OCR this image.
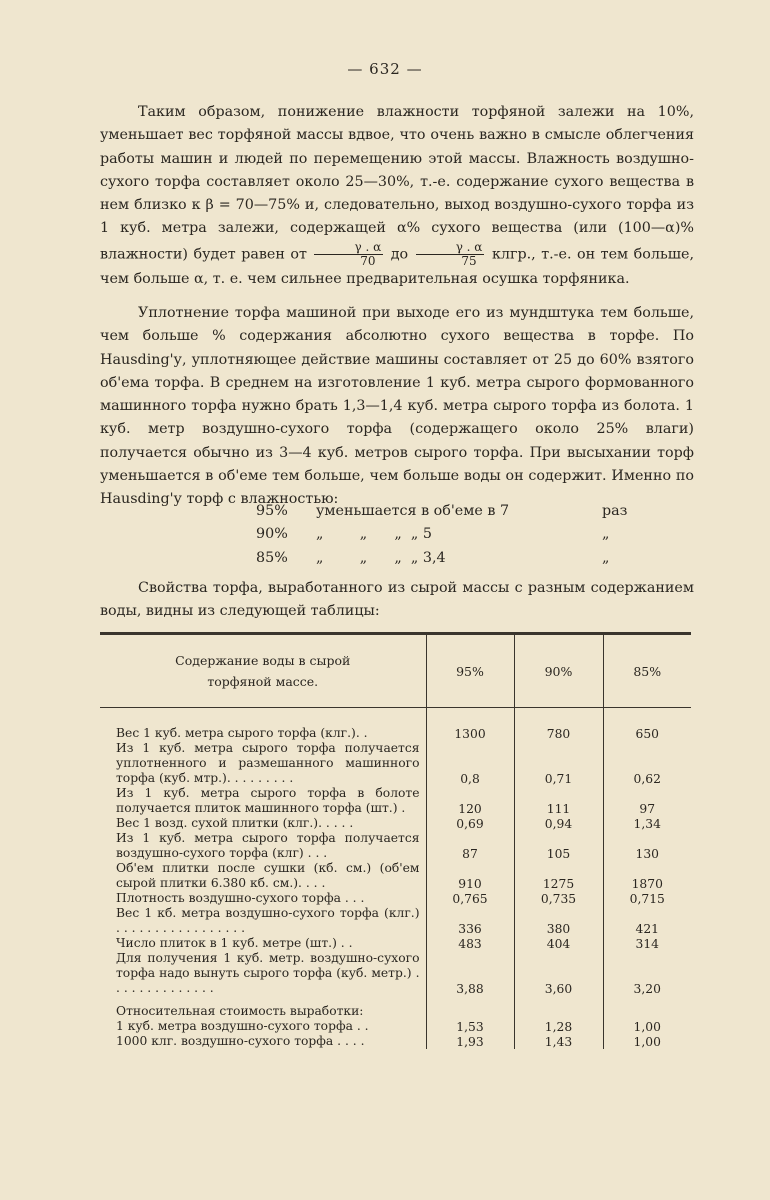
— 632 —
Таким образом, понижение влажности торфяной залежи на 10%, уменьшает вес торфяной массы вдвое, что очень важно в смысле облегчения работы машин и людей по перемещению этой массы. Влажность воздушно-сухого торфа составляет около 25—30%, т.-е. содержание сухого вещества в нем близко к β = 70—75% и, следовательно, выход воздушно-сухого торфа из 1 куб. метра залежи, содержащей α% сухого вещества (или (100—α)% влажности) будет равен от $\frac{\gamma . \alpha}{70}$ до $\frac{\gamma . \alpha}{75}$ клгр., т.-е. он тем больше, чем больше α, т. е. чем сильнее предварительная осушка торфяника.
Уплотнение торфа машиной при выходе его из мундштука тем больше, чем больше % содержания абсолютно сухого вещества в торфе. По Hausding'у, уплотняющее действие машины составляет от 25 до 60% взятого об'ема торфа. В среднем на изготовление 1 куб. метра сырого формованного машинного торфа нужно брать 1,3—1,4 куб. метра сырого торфа из болота. 1 куб. метр воздушно-сухого торфа (содержащего около 25% влаги) получается обычно из 3—4 куб. метров сырого торфа. При высыхании торф уменьшается в об'еме тем больше, чем больше воды он содержит. Именно по Hausding'у торф с влажностью:
95%	уменьшается в об'еме в 7	раз
90%	„        „      „  „ 5	„
85%	„        „      „  „ 3,4	„
Свойства торфа, выработанного из сырой массы с разным содержанием воды, видны из следующей таблицы:
Содержание воды в сырой торфяной массе.	95%	90%	85%

Вес 1 куб. метра сырого торфа (клг.). .	1300	780	650
Из 1 куб. метра сырого торфа получается уплотненного и размешанного машинного торфа (куб. мтр.). . . . . . . . .	0,8	0,71	0,62
Из 1 куб. метра сырого торфа в болоте получается плиток машинного торфа (шт.) .	120	111	97
Вес 1 возд. сухой плитки (клг.). . . . .	0,69	0,94	1,34
Из 1 куб. метра сырого торфа получается воздушно-сухого торфа (клг) . . .	87	105	130
Об'ем плитки после сушки (кб. см.) (об'ем сырой плитки 6.380 кб. см.). . . .	910	1275	1870
Плотность воздушно-сухого торфа . . .	0,765	0,735	0,715
Вес 1 кб. метра воздушно-сухого торфа (клг.) . . . . . . . . . . . . . . . . .	336	380	421
Число плиток в 1 куб. метре (шт.) . .	483	404	314
Для получения 1 куб. метр. воздушно-сухого торфа надо вынуть сырого торфа (куб. метр.) . . . . . . . . . . . . . .	3,88	3,60	3,20
Относительная стоимость выработки:			
1 куб. метра воздушно-сухого торфа . .	1,53	1,28	1,00
1000 клг. воздушно-сухого торфа . . . .	1,93	1,43	1,00
